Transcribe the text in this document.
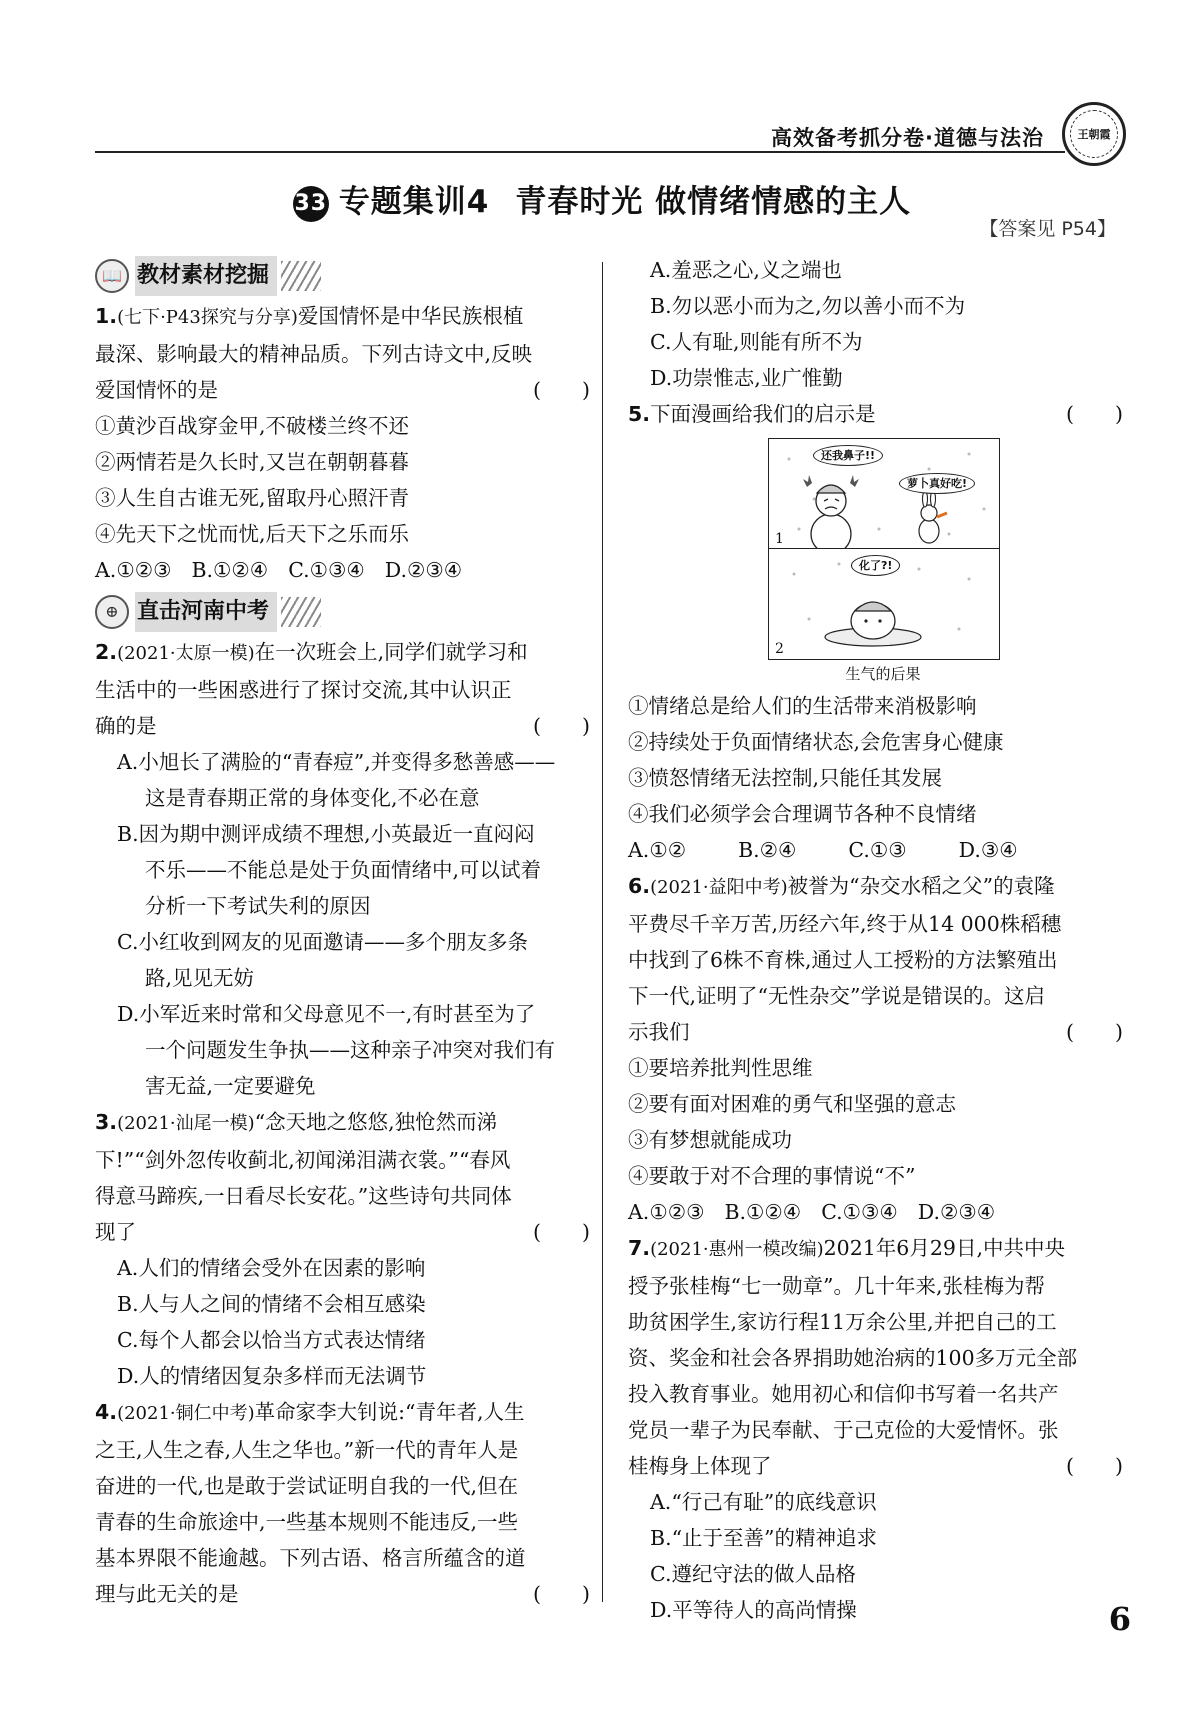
高效备考抓分卷·道德与法治	王朝霞
33 专题集训4 青春时光 做情绪情感的主人
【答案见 P54】
📖 教材素材挖掘
1.(七下·P43探究与分享)爱国情怀是中华民族根植
最深、影响最大的精神品质。下列古诗文中,反映
爱国情怀的是	(　　)
①黄沙百战穿金甲,不破楼兰终不还
②两情若是久长时,又岂在朝朝暮暮
③人生自古谁无死,留取丹心照汗青
④先天下之忧而忧,后天下之乐而乐
A.①②③ B.①②④ C.①③④ D.②③④
⊕ 直击河南中考
2.(2021·太原一模)在一次班会上,同学们就学习和
生活中的一些困惑进行了探讨交流,其中认识正
确的是	(　　)
A.小旭长了满脸的“青春痘”,并变得多愁善感——
这是青春期正常的身体变化,不必在意
B.因为期中测评成绩不理想,小英最近一直闷闷
不乐——不能总是处于负面情绪中,可以试着
分析一下考试失利的原因
C.小红收到网友的见面邀请——多个朋友多条
路,见见无妨
D.小军近来时常和父母意见不一,有时甚至为了
一个问题发生争执——这种亲子冲突对我们有
害无益,一定要避免
3.(2021·汕尾一模)“念天地之悠悠,独怆然而涕
下!”“剑外忽传收蓟北,初闻涕泪满衣裳。”“春风
得意马蹄疾,一日看尽长安花。”这些诗句共同体
现了	(　　)
A.人们的情绪会受外在因素的影响
B.人与人之间的情绪不会相互感染
C.每个人都会以恰当方式表达情绪
D.人的情绪因复杂多样而无法调节
4.(2021·铜仁中考)革命家李大钊说:“青年者,人生
之王,人生之春,人生之华也。”新一代的青年人是
奋进的一代,也是敢于尝试证明自我的一代,但在
青春的生命旅途中,一些基本规则不能违反,一些
基本界限不能逾越。下列古语、格言所蕴含的道
理与此无关的是	(　　)
A.羞恶之心,义之端也
B.勿以恶小而为之,勿以善小而不为
C.人有耻,则能有所不为
D.功崇惟志,业广惟勤
5.下面漫画给我们的启示是	(　　)
还我鼻子!!
萝卜真好吃!
1
化了?!
2
生气的后果
①情绪总是给人们的生活带来消极影响
②持续处于负面情绪状态,会危害身心健康
③愤怒情绪无法控制,只能任其发展
④我们必须学会合理调节各种不良情绪
A.①②	B.②④	C.①③	D.③④
6.(2021·益阳中考)被誉为“杂交水稻之父”的袁隆
平费尽千辛万苦,历经六年,终于从14 000株稻穗
中找到了6株不育株,通过人工授粉的方法繁殖出
下一代,证明了“无性杂交”学说是错误的。这启
示我们	(　　)
①要培养批判性思维
②要有面对困难的勇气和坚强的意志
③有梦想就能成功
④要敢于对不合理的事情说“不”
A.①②③ B.①②④ C.①③④ D.②③④
7.(2021·惠州一模改编)2021年6月29日,中共中央
授予张桂梅“七一勋章”。几十年来,张桂梅为帮
助贫困学生,家访行程11万余公里,并把自己的工
资、奖金和社会各界捐助她治病的100多万元全部
投入教育事业。她用初心和信仰书写着一名共产
党员一辈子为民奉献、于己克俭的大爱情怀。张
桂梅身上体现了	(　　)
A.“行己有耻”的底线意识
B.“止于至善”的精神追求
C.遵纪守法的做人品格
D.平等待人的高尚情操	6
